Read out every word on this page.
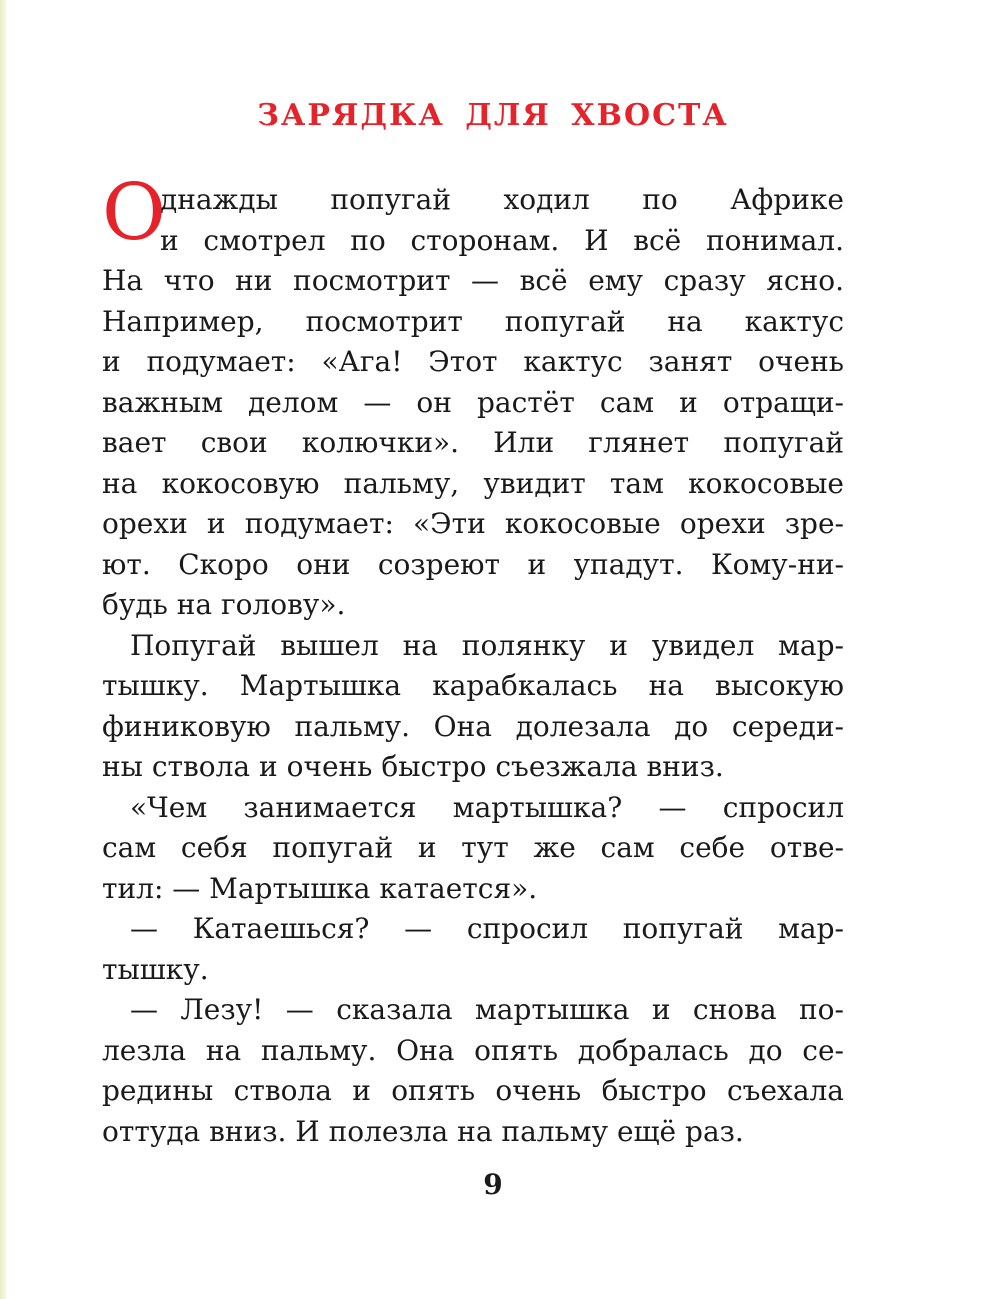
ЗАРЯДКА ДЛЯ ХВОСТА
О
днажды попугай ходил по Африке
и смотрел по сторонам. И всё понимал.
На что ни посмотрит — всё ему сразу ясно.
Например, посмотрит попугай на кактус
и подумает: «Ага! Этот кактус занят очень
важным делом — он растёт сам и отращи-
вает свои колючки». Или глянет попугай
на кокосовую пальму, увидит там кокосовые
орехи и подумает: «Эти кокосовые орехи зре-
ют. Скоро они созреют и упадут. Кому-ни-
будь на голову».
Попугай вышел на полянку и увидел мар-
тышку. Мартышка карабкалась на высокую
финиковую пальму. Она долезала до середи-
ны ствола и очень быстро съезжала вниз.
«Чем занимается мартышка? — спросил
сам себя попугай и тут же сам себе отве-
тил: — Мартышка катается».
— Катаешься? — спросил попугай мар-
тышку.
— Лезу! — сказала мартышка и снова по-
лезла на пальму. Она опять добралась до се-
редины ствола и опять очень быстро съехала
оттуда вниз. И полезла на пальму ещё раз.
9
